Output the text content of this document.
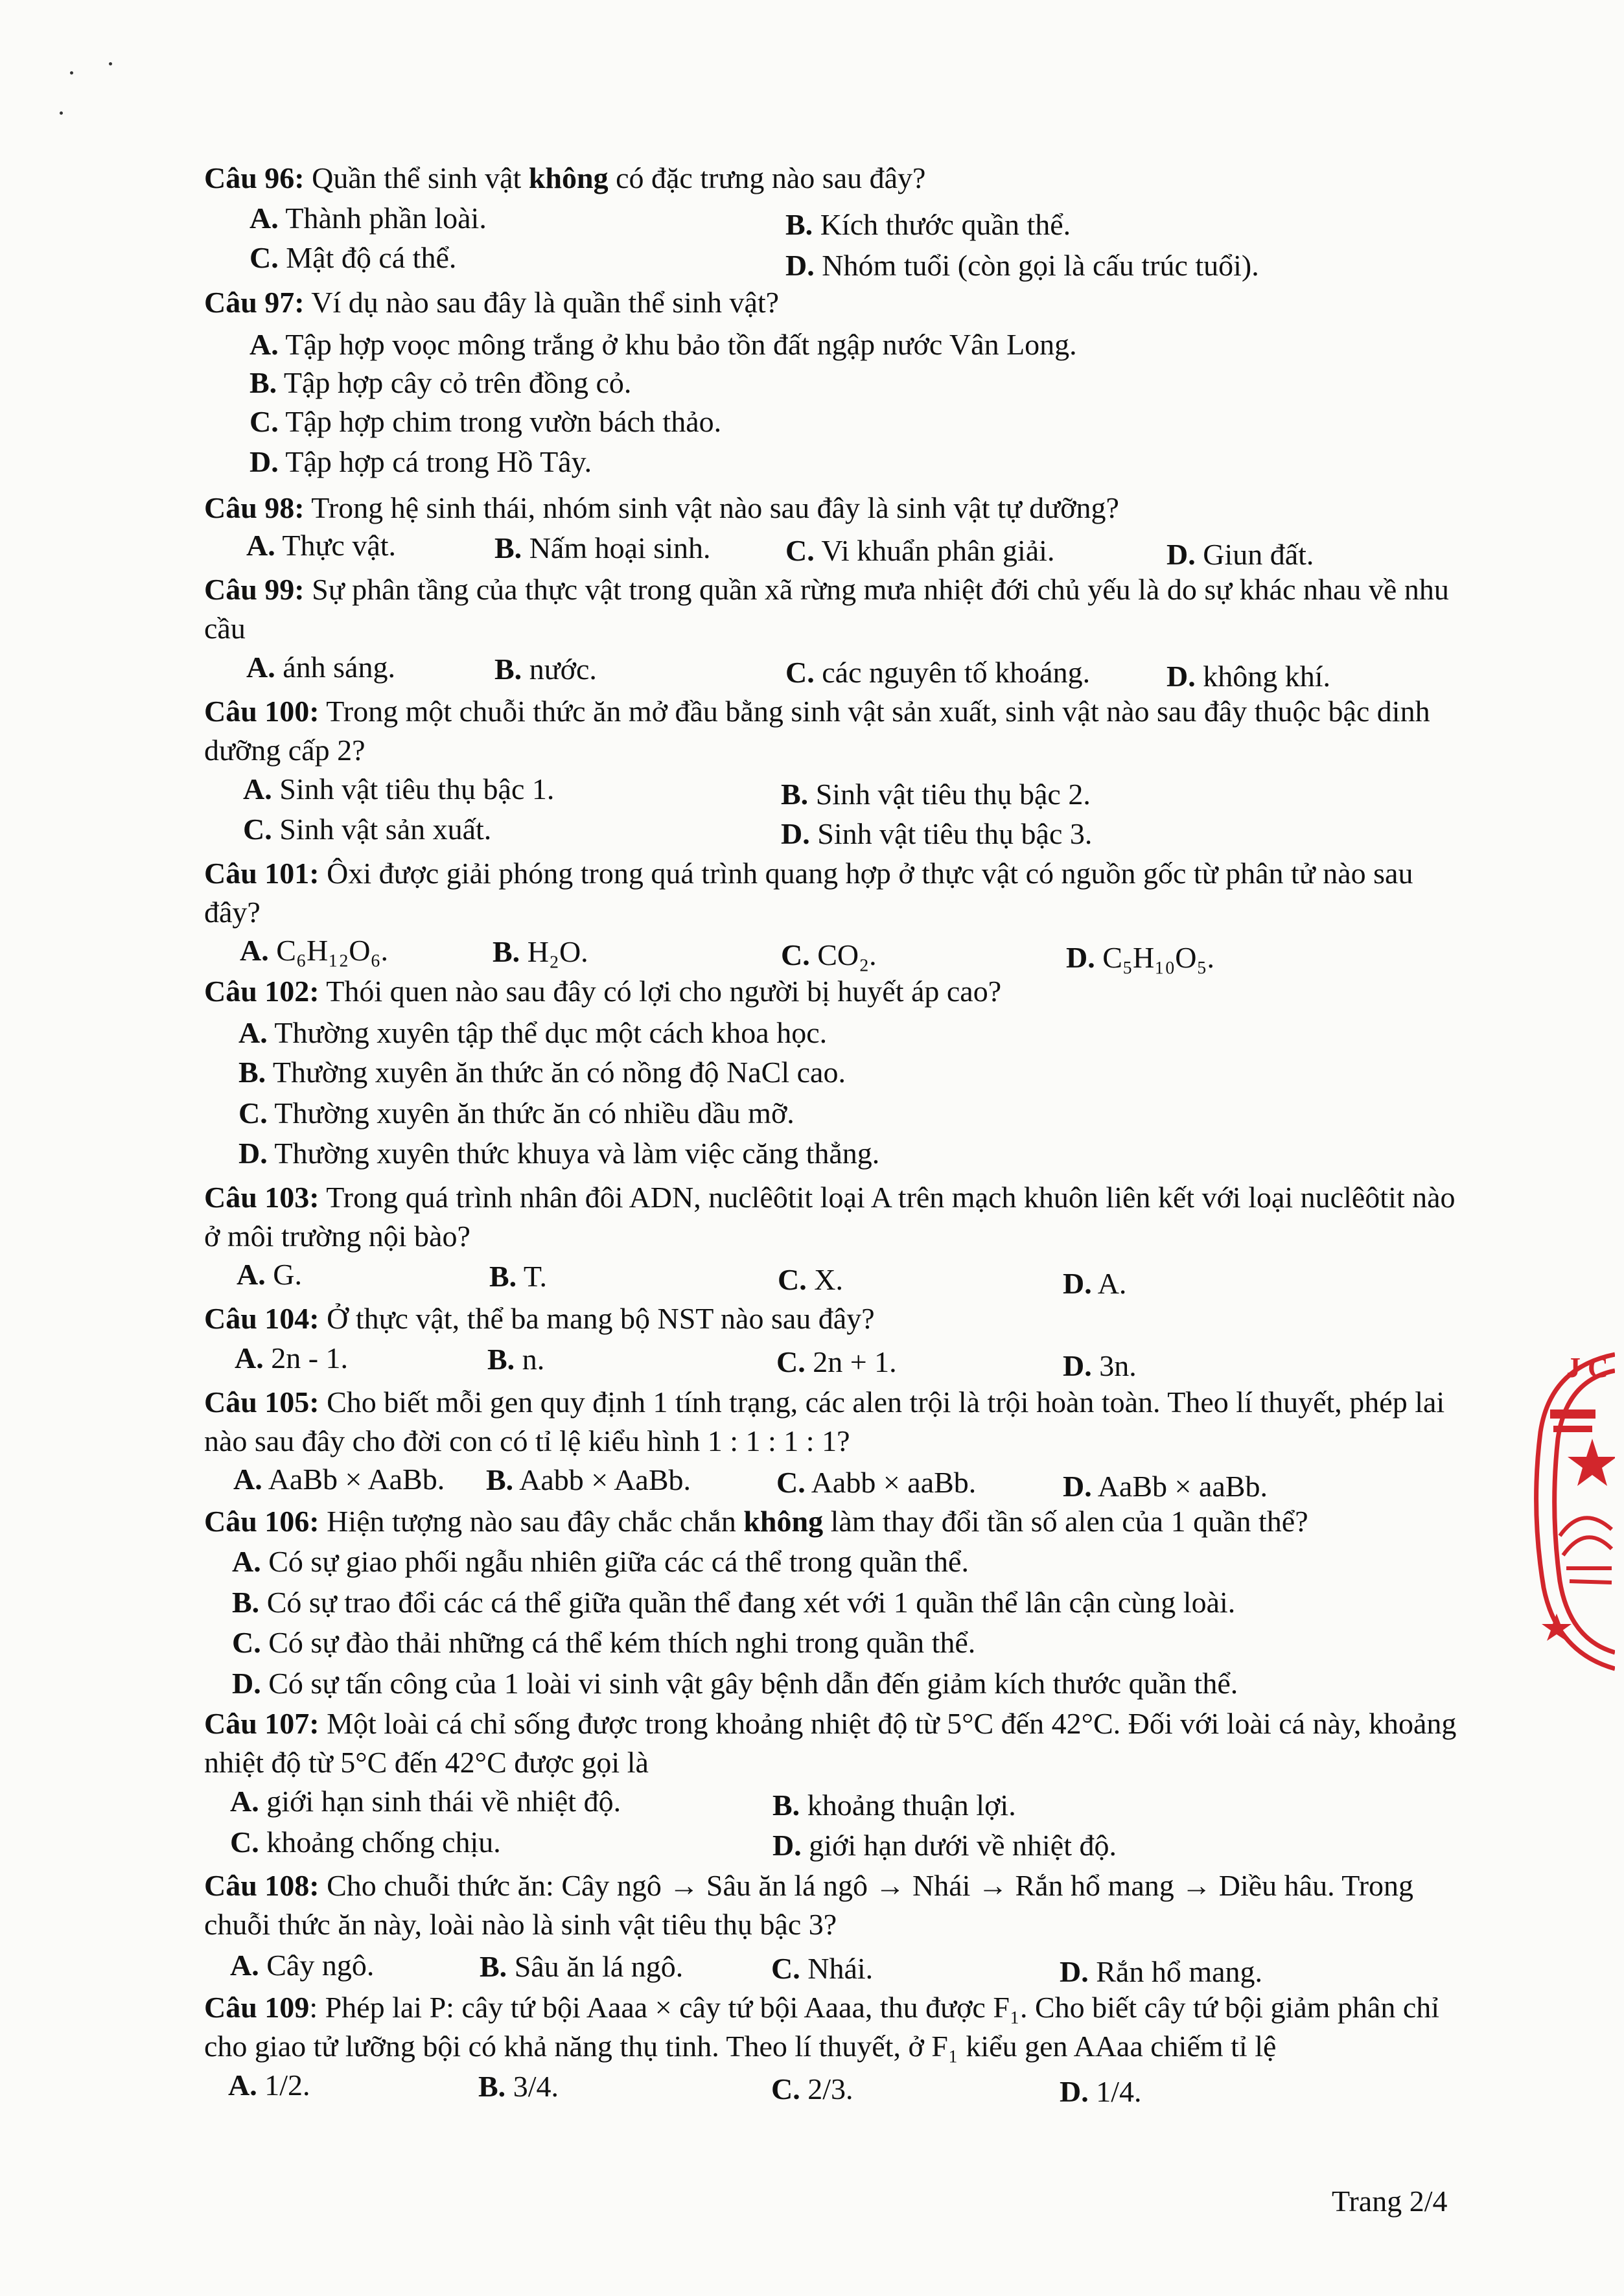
Câu 96: Quần thể sinh vật không có đặc trưng nào sau đây?
A. Thành phần loài.	B. Kích thước quần thể.
C. Mật độ cá thể.	D. Nhóm tuổi (còn gọi là cấu trúc tuổi).
Câu 97: Ví dụ nào sau đây là quần thể sinh vật?
A. Tập hợp voọc mông trắng ở khu bảo tồn đất ngập nước Vân Long.
B. Tập hợp cây cỏ trên đồng cỏ.
C. Tập hợp chim trong vườn bách thảo.
D. Tập hợp cá trong Hồ Tây.
Câu 98: Trong hệ sinh thái, nhóm sinh vật nào sau đây là sinh vật tự dưỡng?
A. Thực vật.	B. Nấm hoại sinh.	C. Vi khuẩn phân giải.	D. Giun đất.
Câu 99: Sự phân tầng của thực vật trong quần xã rừng mưa nhiệt đới chủ yếu là do sự khác nhau về nhu cầu
A. ánh sáng.	B. nước.	C. các nguyên tố khoáng.	D. không khí.
Câu 100: Trong một chuỗi thức ăn mở đầu bằng sinh vật sản xuất, sinh vật nào sau đây thuộc bậc dinh dưỡng cấp 2?
A. Sinh vật tiêu thụ bậc 1.	B. Sinh vật tiêu thụ bậc 2.
C. Sinh vật sản xuất.	D. Sinh vật tiêu thụ bậc 3.
Câu 101: Ôxi được giải phóng trong quá trình quang hợp ở thực vật có nguồn gốc từ phân tử nào sau đây?
A. C₆H₁₂O₆.	B. H₂O.	C. CO₂.	D. C₅H₁₀O₅.
Câu 102: Thói quen nào sau đây có lợi cho người bị huyết áp cao?
A. Thường xuyên tập thể dục một cách khoa học.
B. Thường xuyên ăn thức ăn có nồng độ NaCl cao.
C. Thường xuyên ăn thức ăn có nhiều dầu mỡ.
D. Thường xuyên thức khuya và làm việc căng thẳng.
Câu 103: Trong quá trình nhân đôi ADN, nuclêôtit loại A trên mạch khuôn liên kết với loại nuclêôtit nào ở môi trường nội bào?
A. G.	B. T.	C. X.	D. A.
Câu 104: Ở thực vật, thể ba mang bộ NST nào sau đây?
A. 2n - 1.	B. n.	C. 2n + 1.	D. 3n.
Câu 105: Cho biết mỗi gen quy định 1 tính trạng, các alen trội là trội hoàn toàn. Theo lí thuyết, phép lai nào sau đây cho đời con có tỉ lệ kiểu hình 1 : 1 : 1 : 1?
A. AaBb × AaBb. B. Aabb × AaBb.	C. Aabb × aaBb.	D. AaBb × aaBb.
Câu 106: Hiện tượng nào sau đây chắc chắn không làm thay đổi tần số alen của 1 quần thể?
A. Có sự giao phối ngẫu nhiên giữa các cá thể trong quần thể.
B. Có sự trao đổi các cá thể giữa quần thể đang xét với 1 quần thể lân cận cùng loài.
C. Có sự đào thải những cá thể kém thích nghi trong quần thể.
D. Có sự tấn công của 1 loài vi sinh vật gây bệnh dẫn đến giảm kích thước quần thể.
Câu 107: Một loài cá chỉ sống được trong khoảng nhiệt độ từ 5°C đến 42°C. Đối với loài cá này, khoảng nhiệt độ từ 5°C đến 42°C được gọi là
A. giới hạn sinh thái về nhiệt độ.	B. khoảng thuận lợi.
C. khoảng chống chịu.	D. giới hạn dưới về nhiệt độ.
Câu 108: Cho chuỗi thức ăn: Cây ngô → Sâu ăn lá ngô → Nhái → Rắn hổ mang → Diều hâu. Trong chuỗi thức ăn này, loài nào là sinh vật tiêu thụ bậc 3?
A. Cây ngô.	B. Sâu ăn lá ngô.	C. Nhái.	D. Rắn hổ mang.
Câu 109: Phép lai P: cây tứ bội Aaaa × cây tứ bội Aaaa, thu được F₁. Cho biết cây tứ bội giảm phân chỉ cho giao tử lưỡng bội có khả năng thụ tinh. Theo lí thuyết, ở F₁ kiểu gen AAaa chiếm tỉ lệ
A. 1/2.	B. 3/4.	C. 2/3.	D. 1/4.
Trang 2/4
J C
